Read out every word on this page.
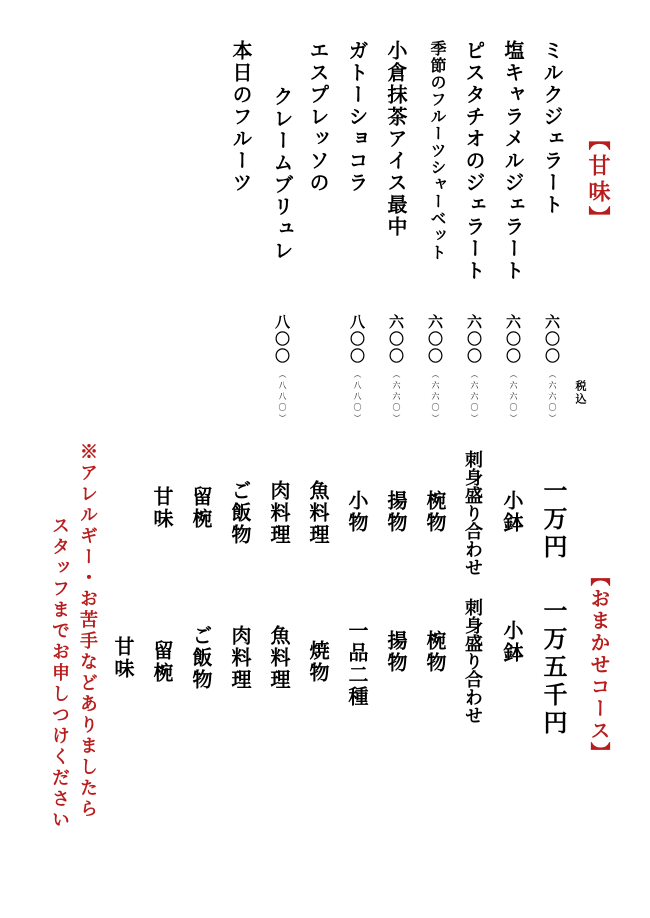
【甘味】
ミルクジェラート
塩キャラメルジェラート
ピスタチオのジェラート
季節のフルーツシャーベット
小倉抹茶アイス最中
ガトーショコラ
エスプレッソの
クレームブリュレ
本日のフルーツ
六〇〇
六〇〇
六〇〇
六〇〇
六〇〇
八〇〇
八〇〇
（六六〇）
（六六〇）
（六六〇）
（六六〇）
（六六〇）
（八八〇）
（八八〇）	税込
【おまかせコース】
一万円
小鉢
刺身盛り合わせ
椀物
揚物
小物
魚料理
肉料理
ご飯物
留椀
甘味
一万五千円
小鉢
刺身盛り合わせ
椀物
揚物
一品二種
焼物
魚料理
肉料理
ご飯物
留椀
甘味
※アレルギー・お苦手などありましたら
スタッフまでお申しつけください
